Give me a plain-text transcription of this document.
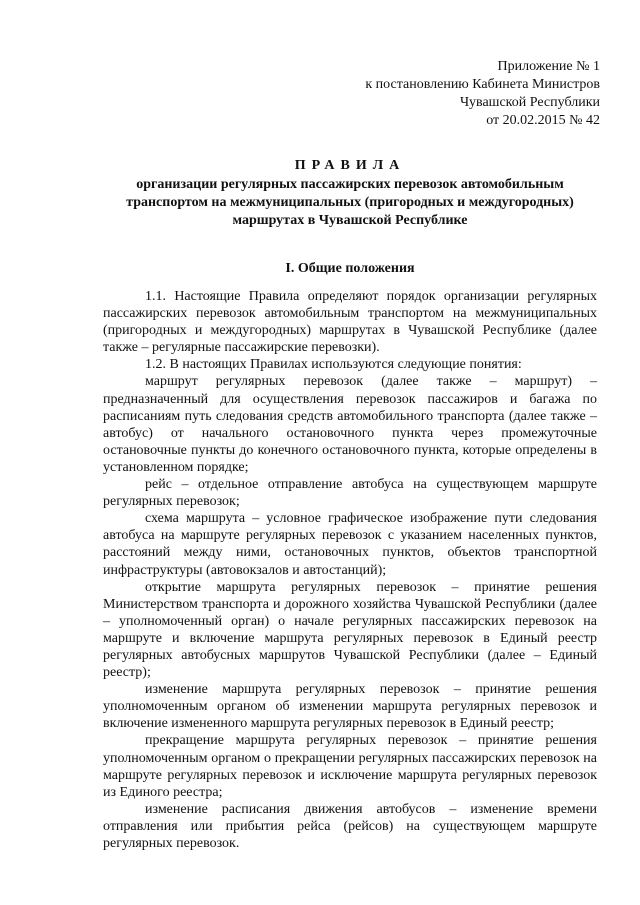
Приложение № 1
к постановлению Кабинета Министров
Чувашской Республики
от 20.02.2015 № 42
ПРАВИЛА
организации регулярных пассажирских перевозок автомобильным
транспортом на межмуниципальных (пригородных и междугородных)
маршрутах в Чувашской Республике
I. Общие положения

1.1. Настоящие Правила определяют порядок организации регулярных пассажирских перевозок автомобильным транспортом на межмуниципальных (пригородных и междугородных) маршрутах в Чувашской Республике (далее также – регулярные пассажирские перевозки).

1.2. В настоящих Правилах используются следующие понятия:

маршрут регулярных перевозок (далее также – маршрут) – предназначенный для осуществления перевозок пассажиров и багажа по расписаниям путь следования средств автомобильного транспорта (далее также – автобус) от начального остановочного пункта через промежуточные остановочные пункты до конечного остановочного пункта, которые определены в установленном порядке;

рейс – отдельное отправление автобуса на существующем маршруте регулярных перевозок;

схема маршрута – условное графическое изображение пути следования автобуса на маршруте регулярных перевозок с указанием населенных пунктов, расстояний между ними, остановочных пунктов, объектов транспортной инфраструктуры (автовокзалов и автостанций);

открытие маршрута регулярных перевозок – принятие решения Министерством транспорта и дорожного хозяйства Чувашской Республики (далее – уполномоченный орган) о начале регулярных пассажирских перевозок на маршруте и включение маршрута регулярных перевозок в Единый реестр регулярных автобусных маршрутов Чувашской Республики (далее – Единый реестр);

изменение маршрута регулярных перевозок – принятие решения уполномоченным органом об изменении маршрута регулярных перевозок и включение измененного маршрута регулярных перевозок в Единый реестр;

прекращение маршрута регулярных перевозок – принятие решения уполномоченным органом о прекращении регулярных пассажирских перевозок на маршруте регулярных перевозок и исключение маршрута регулярных перевозок из Единого реестра;

изменение расписания движения автобусов – изменение времени отправления или прибытия рейса (рейсов) на существующем маршруте регулярных перевозок.
